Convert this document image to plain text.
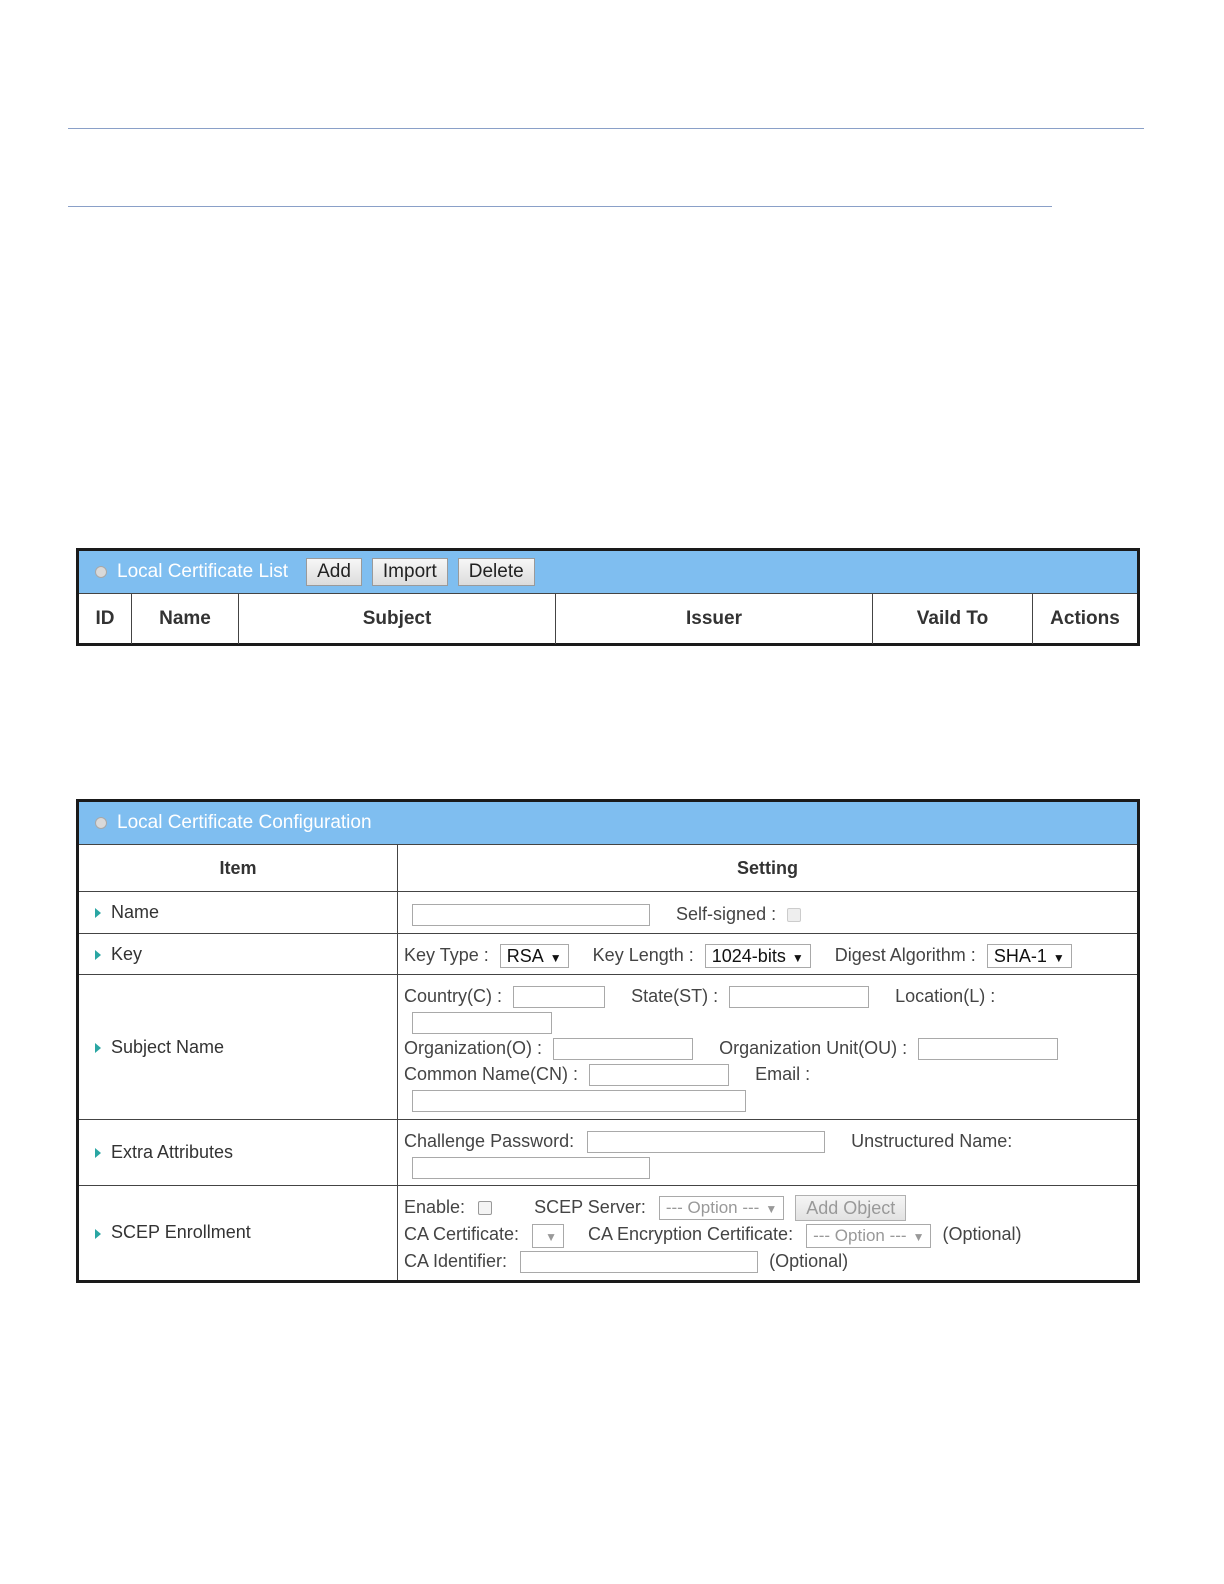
Local Certificate List	Add	Import	Delete
ID	Name	Subject	Issuer	Vaild To	Actions
Local Certificate Configuration
Item	Setting
Name	Self-signed :
Key	Key Type : RSA ▼ Key Length : 1024-bits ▼ Digest Algorithm : SHA-1 ▼
Subject Name	Country(C) : State(ST) : Location(L) :
Organization(O) : Organization Unit(OU) :
Common Name(CN) : Email :

Extra Attributes	Challenge Password: Unstructured Name:

SCEP Enrollment	Enable: SCEP Server: --- Option --- ▼ Add Object
CA Certificate: ▼ CA Encryption Certificate: --- Option --- ▼ (Optional)
CA Identifier: (Optional)
